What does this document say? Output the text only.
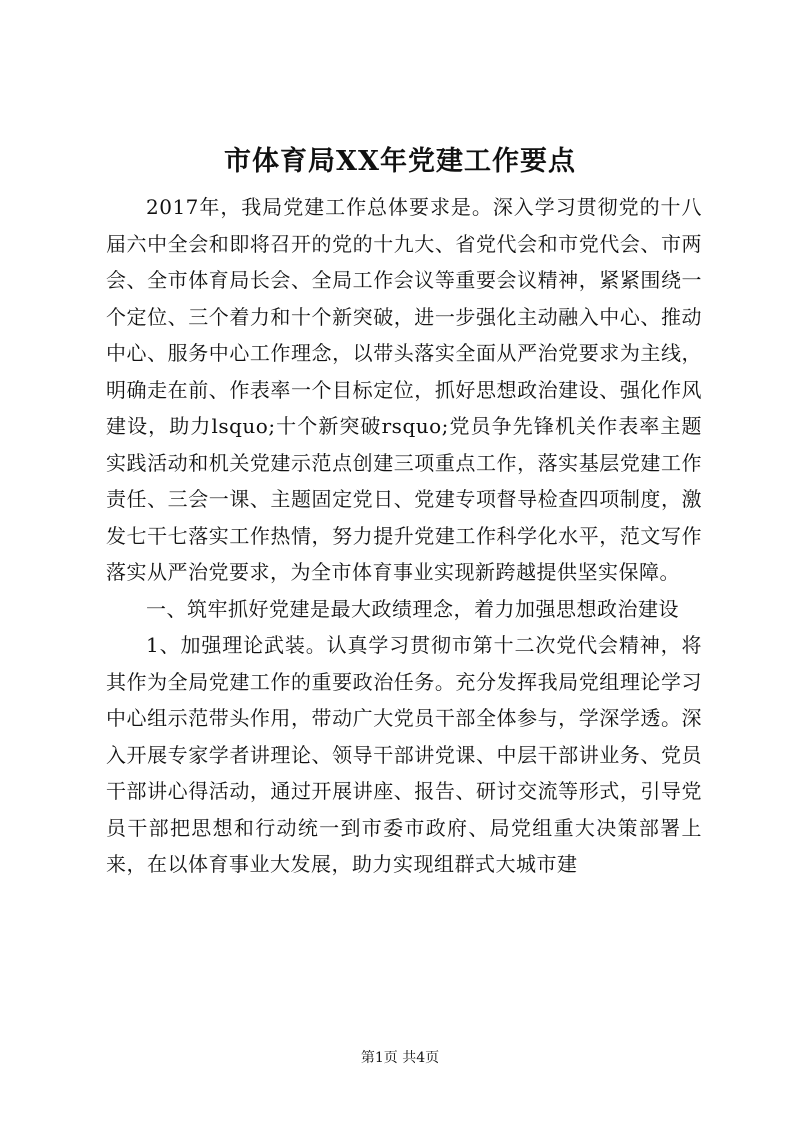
市体育局XX年党建工作要点

2017年，我局党建工作总体要求是。深入学习贯彻党的十八届六中全会和即将召开的党的十九大、省党代会和市党代会、市两会、全市体育局长会、全局工作会议等重要会议精神，紧紧围绕一个定位、三个着力和十个新突破，进一步强化主动融入中心、推动中心、服务中心工作理念，以带头落实全面从严治党要求为主线，明确走在前、作表率一个目标定位，抓好思想政治建设、强化作风建设，助力lsquo;十个新突破rsquo;党员争先锋机关作表率主题实践活动和机关党建示范点创建三项重点工作，落实基层党建工作责任、三会一课、主题固定党日、党建专项督导检查四项制度，激发七干七落实工作热情，努力提升党建工作科学化水平，范文写作落实从严治党要求，为全市体育事业实现新跨越提供坚实保障。

一、筑牢抓好党建是最大政绩理念，着力加强思想政治建设

1、加强理论武装。认真学习贯彻市第十二次党代会精神，将其作为全局党建工作的重要政治任务。充分发挥我局党组理论学习中心组示范带头作用，带动广大党员干部全体参与，学深学透。深入开展专家学者讲理论、领导干部讲党课、中层干部讲业务、党员干部讲心得活动，通过开展讲座、报告、研讨交流等形式，引导党员干部把思想和行动统一到市委市政府、局党组重大决策部署上来，在以体育事业大发展，助力实现组群式大城市建

第1页 共4页
